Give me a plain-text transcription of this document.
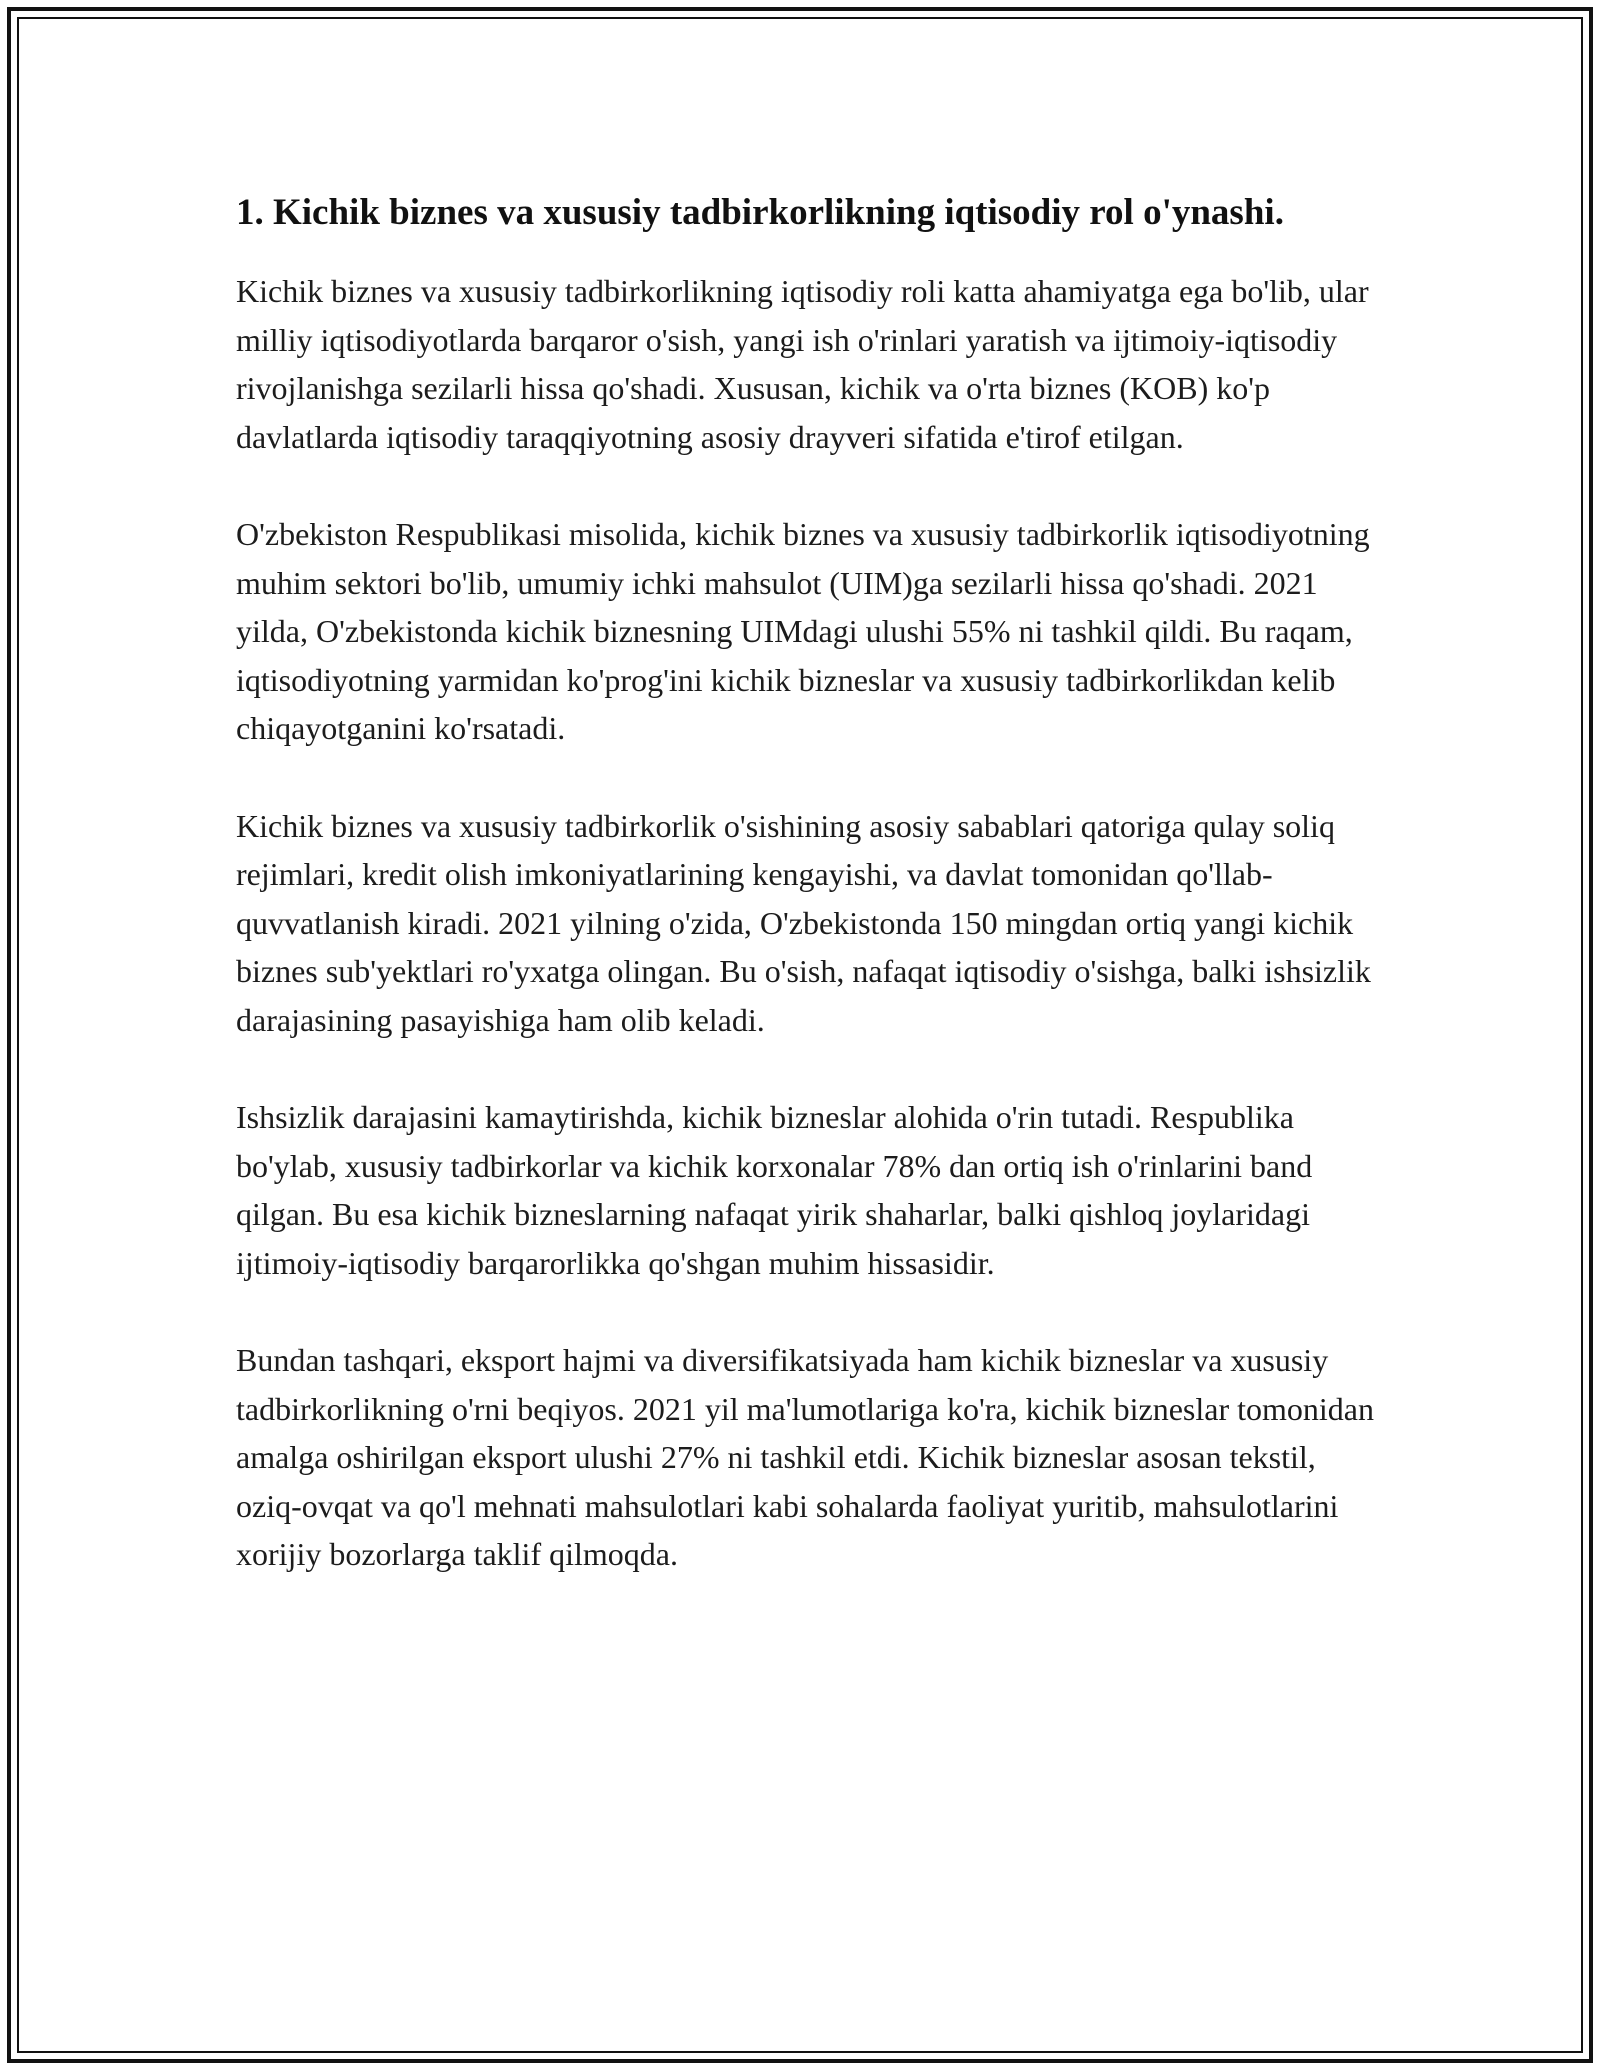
1. Kichik biznes va xususiy tadbirkorlikning iqtisodiy rol o'ynashi.

Kichik biznes va xususiy tadbirkorlikning iqtisodiy roli katta ahamiyatga ega bo'lib, ular milliy iqtisodiyotlarda barqaror o'sish, yangi ish o'rinlari yaratish va ijtimoiy-iqtisodiy rivojlanishga sezilarli hissa qo'shadi. Xususan, kichik va o'rta biznes (KOB) ko'p davlatlarda iqtisodiy taraqqiyotning asosiy drayveri sifatida e'tirof etilgan.

O'zbekiston Respublikasi misolida, kichik biznes va xususiy tadbirkorlik iqtisodiyotning muhim sektori bo'lib, umumiy ichki mahsulot (UIM)ga sezilarli hissa qo'shadi. 2021 yilda, O'zbekistonda kichik biznesning UIMdagi ulushi 55% ni tashkil qildi. Bu raqam, iqtisodiyotning yarmidan ko'prog'ini kichik bizneslar va xususiy tadbirkorlikdan kelib chiqayotganini ko'rsatadi.

Kichik biznes va xususiy tadbirkorlik o'sishining asosiy sabablari qatoriga qulay soliq rejimlari, kredit olish imkoniyatlarining kengayishi, va davlat tomonidan qo'llab-quvvatlanish kiradi. 2021 yilning o'zida, O'zbekistonda 150 mingdan ortiq yangi kichik biznes sub'yektlari ro'yxatga olingan. Bu o'sish, nafaqat iqtisodiy o'sishga, balki ishsizlik darajasining pasayishiga ham olib keladi.

Ishsizlik darajasini kamaytirishda, kichik bizneslar alohida o'rin tutadi. Respublika bo'ylab, xususiy tadbirkorlar va kichik korxonalar 78% dan ortiq ish o'rinlarini band qilgan. Bu esa kichik bizneslarning nafaqat yirik shaharlar, balki qishloq joylaridagi ijtimoiy-iqtisodiy barqarorlikka qo'shgan muhim hissasidir.

Bundan tashqari, eksport hajmi va diversifikatsiyada ham kichik bizneslar va xususiy tadbirkorlikning o'rni beqiyos. 2021 yil ma'lumotlariga ko'ra, kichik bizneslar tomonidan amalga oshirilgan eksport ulushi 27% ni tashkil etdi. Kichik bizneslar asosan tekstil, oziq-ovqat va qo'l mehnati mahsulotlari kabi sohalarda faoliyat yuritib, mahsulotlarini xorijiy bozorlarga taklif qilmoqda.
